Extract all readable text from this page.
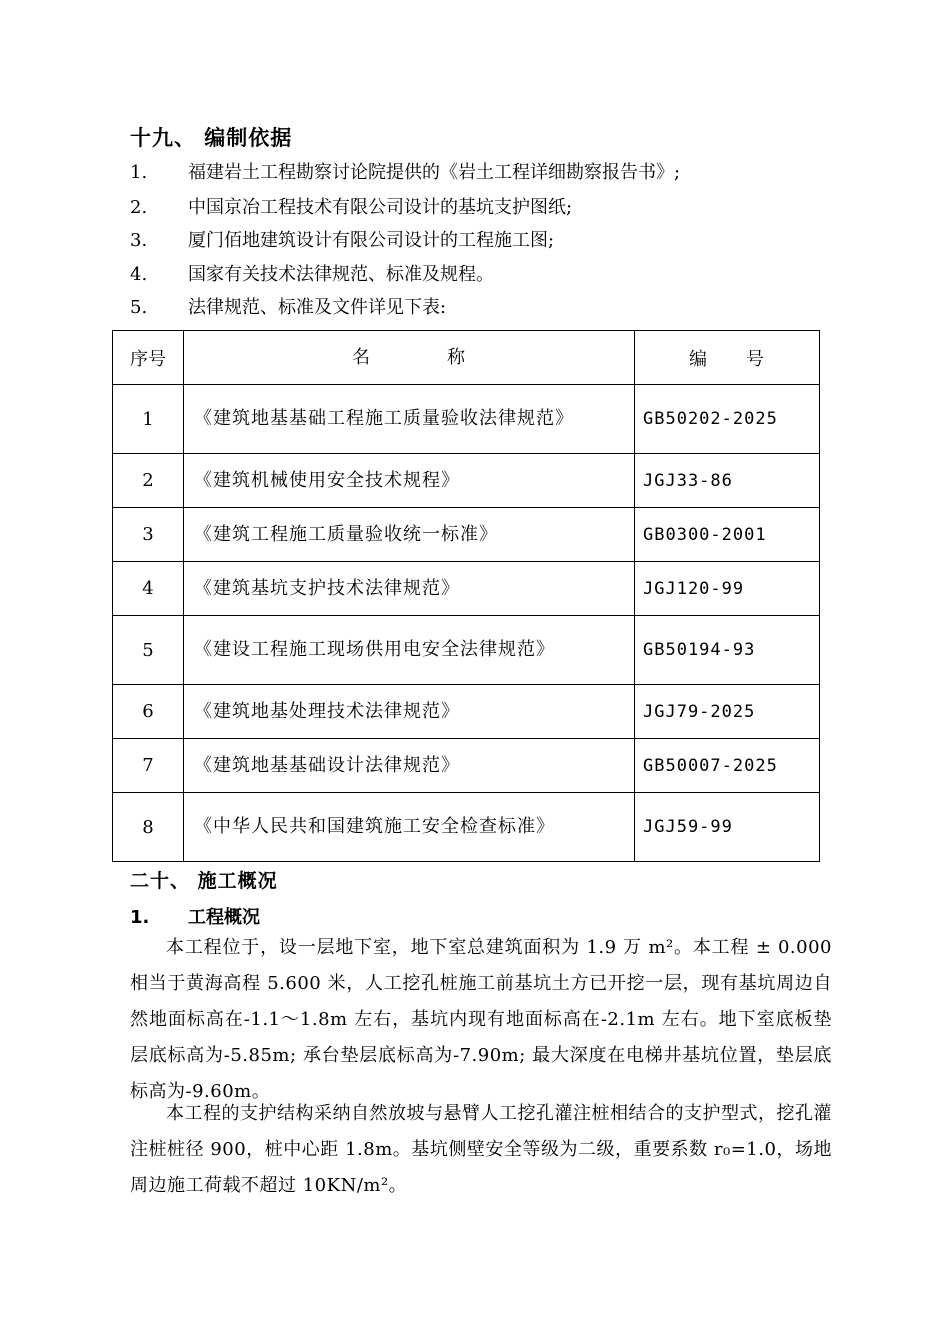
十九、 编制依据
1. 福建岩土工程勘察讨论院提供的《岩土工程详细勘察报告书》;
2. 中国京冶工程技术有限公司设计的基坑支护图纸;
3. 厦门佰地建筑设计有限公司设计的工程施工图;
4. 国家有关技术法律规范、标准及规程。
5. 法律规范、标准及文件详见下表:
序号	名　　　　称	编　　号
1	《建筑地基基础工程施工质量验收法律规范》	GB50202-2025
2	《建筑机械使用安全技术规程》	JGJ33-86
3	《建筑工程施工质量验收统一标准》	GB0300-2001
4	《建筑基坑支护技术法律规范》	JGJ120-99
5	《建设工程施工现场供用电安全法律规范》	GB50194-93
6	《建筑地基处理技术法律规范》	JGJ79-2025
7	《建筑地基基础设计法律规范》	GB50007-2025
8	《中华人民共和国建筑施工安全检查标准》	JGJ59-99
二十、 施工概况
1. 工程概况
本工程位于，设一层地下室，地下室总建筑面积为 1.9 万 m²。本工程 ± 0.000 相当于黄海高程 5.600 米，人工挖孔桩施工前基坑土方已开挖一层，现有基坑周边自然地面标高在-1.1～1.8m 左右，基坑内现有地面标高在-2.1m 左右。地下室底板垫层底标高为-5.85m; 承台垫层底标高为-7.90m; 最大深度在电梯井基坑位置，垫层底标高为-9.60m。
本工程的支护结构采纳自然放坡与悬臂人工挖孔灌注桩相结合的支护型式，挖孔灌注桩桩径 900，桩中心距 1.8m。基坑侧壁安全等级为二级，重要系数 r₀=1.0，场地周边施工荷载不超过 10KN/m²。
